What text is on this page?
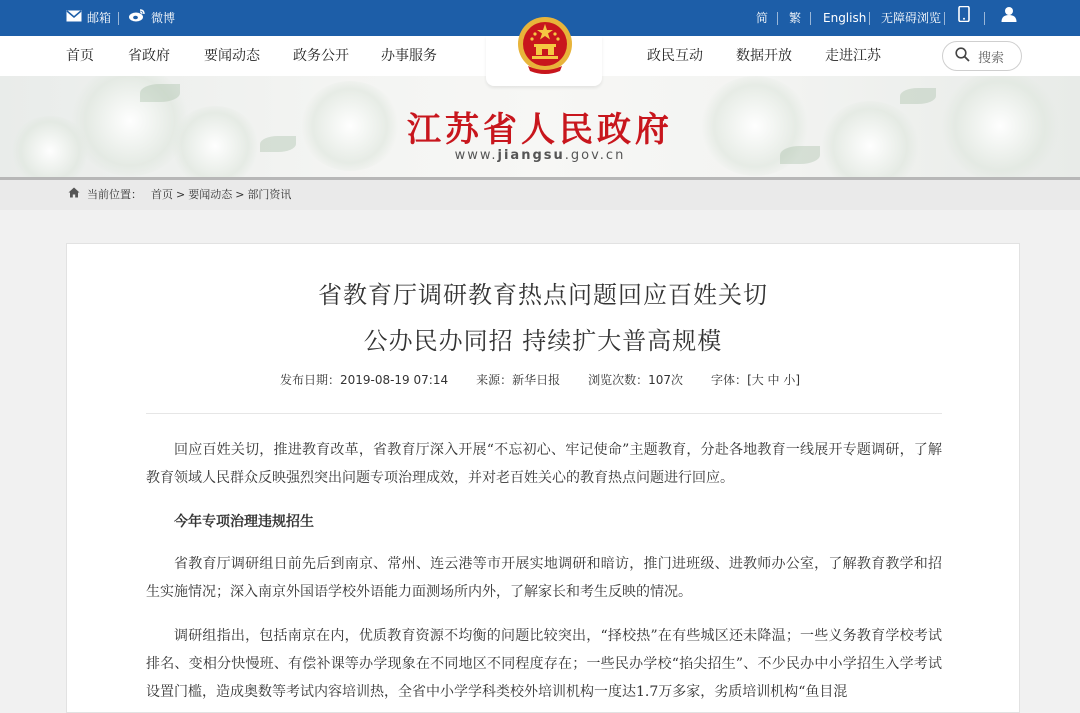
邮箱	微博	简 繁 English 无障碍浏览
首页 省政府 要闻动态 政务公开 办事服务	政民互动 数据开放 走进江苏	搜索
江苏省人民政府
www.jiangsu.gov.cn
当前位置： 首页 > 要闻动态 > 部门资讯
省教育厅调研教育热点问题回应百姓关切
公办民办同招 持续扩大普高规模
发布日期：2019-08-19 07:14 来源：新华日报 浏览次数：107次 字体：[大 中 小]

回应百姓关切，推进教育改革，省教育厅深入开展“不忘初心、牢记使命”主题教育，分赴各地教育一线展开专题调研，了解教育领域人民群众反映强烈突出问题专项治理成效，并对老百姓关心的教育热点问题进行回应。

今年专项治理违规招生

省教育厅调研组日前先后到南京、常州、连云港等市开展实地调研和暗访，推门进班级、进教师办公室，了解教育教学和招生实施情况；深入南京外国语学校外语能力面测场所内外，了解家长和考生反映的情况。

调研组指出，包括南京在内，优质教育资源不均衡的问题比较突出，“择校热”在有些城区还未降温；一些义务教育学校考试排名、变相分快慢班、有偿补课等办学现象在不同地区不同程度存在；一些民办学校“掐尖招生”、不少民办中小学招生入学考试设置门槛，造成奥数等考试内容培训热，全省中小学学科类校外培训机构一度达1.7万多家，劣质培训机构“鱼目混
